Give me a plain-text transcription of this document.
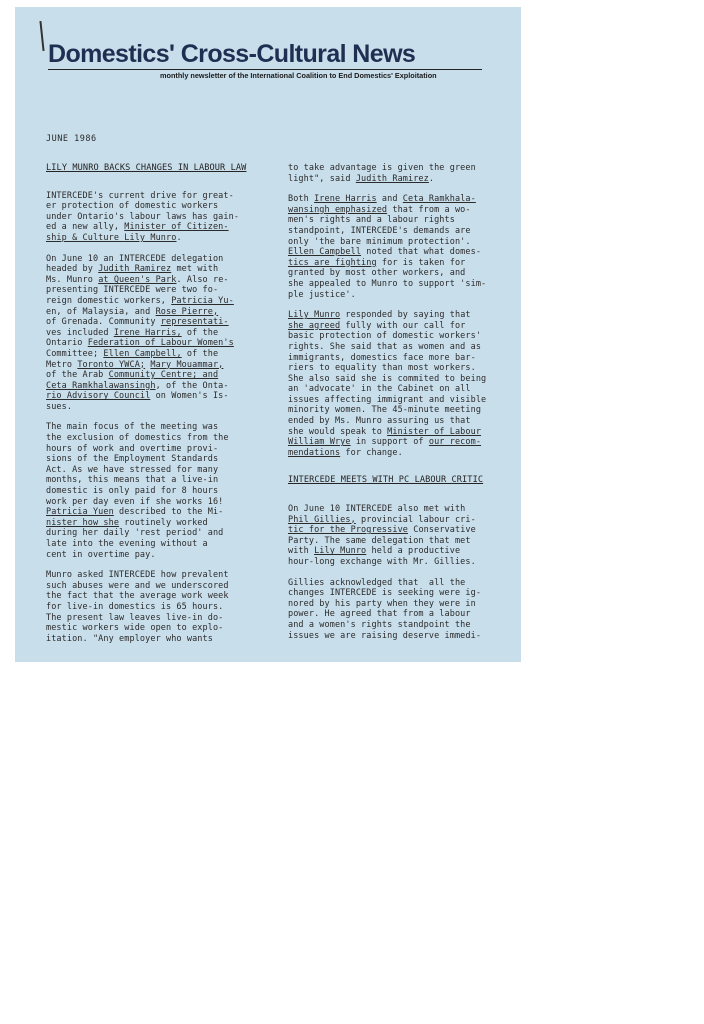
Domestics' Cross-Cultural News
monthly newsletter of the International Coalition to End Domestics' Exploitation
JUNE 1986
LILY MUNRO BACKS CHANGES IN LABOUR LAW
INTERCEDE's current drive for great-
er protection of domestic workers
under Ontario's labour laws has gain-
ed a new ally, Minister of Citizen-
ship & Culture Lily Munro.
On June 10 an INTERCEDE delegation
headed by Judith Ramirez met with
Ms. Munro at Queen's Park. Also re-
presenting INTERCEDE were two fo-
reign domestic workers, Patricia Yu-
en, of Malaysia, and Rose Pierre,
of Grenada. Community representati-
ves included Irene Harris, of the
Ontario Federation of Labour Women's
Committee; Ellen Campbell, of the
Metro Toronto YWCA; Mary Mouammar,
of the Arab Community Centre; and
Ceta Ramkhalawansingh, of the Onta-
rio Advisory Council on Women's Is-
sues.
The main focus of the meeting was
the exclusion of domestics from the
hours of work and overtime provi-
sions of the Employment Standards
Act. As we have stressed for many
months, this means that a live-in
domestic is only paid for 8 hours
work per day even if she works 16!
Patricia Yuen described to the Mi-
nister how she routinely worked
during her daily 'rest period' and
late into the evening without a
cent in overtime pay.
Munro asked INTERCEDE how prevalent
such abuses were and we underscored
the fact that the average work week
for live-in domestics is 65 hours.
The present law leaves live-in do-
mestic workers wide open to explo-
itation. "Any employer who wants
to take advantage is given the green
light", said Judith Ramirez.
Both Irene Harris and Ceta Ramkhala-
wansingh emphasized that from a wo-
men's rights and a labour rights
standpoint, INTERCEDE's demands are
only 'the bare minimum protection'.
Ellen Campbell noted that what domes-
tics are fighting for is taken for
granted by most other workers, and
she appealed to Munro to support 'sim-
ple justice'.
Lily Munro responded by saying that
she agreed fully with our call for
basic protection of domestic workers'
rights. She said that as women and as
immigrants, domestics face more bar-
riers to equality than most workers.
She also said she is commited to being
an 'advocate' in the Cabinet on all
issues affecting immigrant and visible
minority women. The 45-minute meeting
ended by Ms. Munro assuring us that
she would speak to Minister of Labour
William Wrye in support of our recom-
mendations for change.
INTERCEDE MEETS WITH PC LABOUR CRITIC
On June 10 INTERCEDE also met with
Phil Gillies, provincial labour cri-
tic for the Progressive Conservative
Party. The same delegation that met
with Lily Munro held a productive
hour-long exchange with Mr. Gillies.
Gillies acknowledged that  all the
changes INTERCEDE is seeking were ig-
nored by his party when they were in
power. He agreed that from a labour
and a women's rights standpoint the
issues we are raising deserve immedi-
